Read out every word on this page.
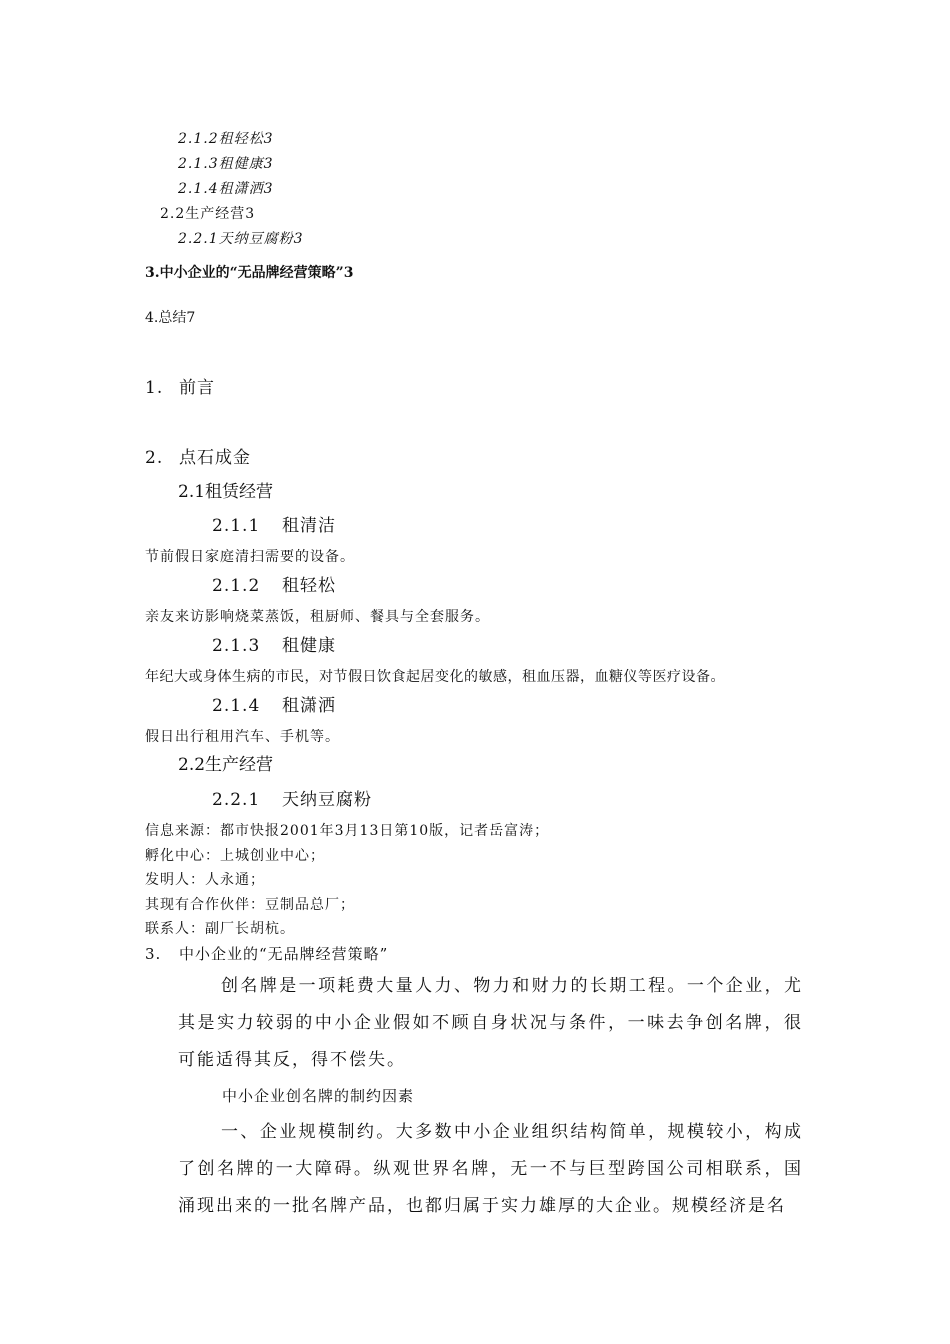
2.1.2租轻松3
2.1.3租健康3
2.1.4租潇洒3
2.2生产经营3
2.2.1天纳豆腐粉3
3.中小企业的“无品牌经营策略”3
4.总结7
1. 前言
2. 点石成金
2.1租赁经营
2.1.1 租清洁
节前假日家庭清扫需要的设备。
2.1.2 租轻松
亲友来访影响烧菜蒸饭，租厨师、餐具与全套服务。
2.1.3 租健康
年纪大或身体生病的市民，对节假日饮食起居变化的敏感，租血压器，血糖仪等医疗设备。
2.1.4 租潇洒
假日出行租用汽车、手机等。
2.2生产经营
2.2.1 天纳豆腐粉
信息来源：都市快报2001年3月13日第10版，记者岳富涛；
孵化中心：上城创业中心；
发明人：人永通；
其现有合作伙伴：豆制品总厂；
联系人：副厂长胡杭。
3. 中小企业的“无品牌经营策略”
创名牌是一项耗费大量人力、物力和财力的长期工程。一个企业，尤其是实力较弱的中小企业假如不顾自身状况与条件，一味去争创名牌，很可能适得其反，得不偿失。
中小企业创名牌的制约因素
一、企业规模制约。大多数中小企业组织结构简单，规模较小，构成了创名牌的一大障碍。纵观世界名牌，无一不与巨型跨国公司相联系，国涌现出来的一批名牌产品，也都归属于实力雄厚的大企业。规模经济是名
